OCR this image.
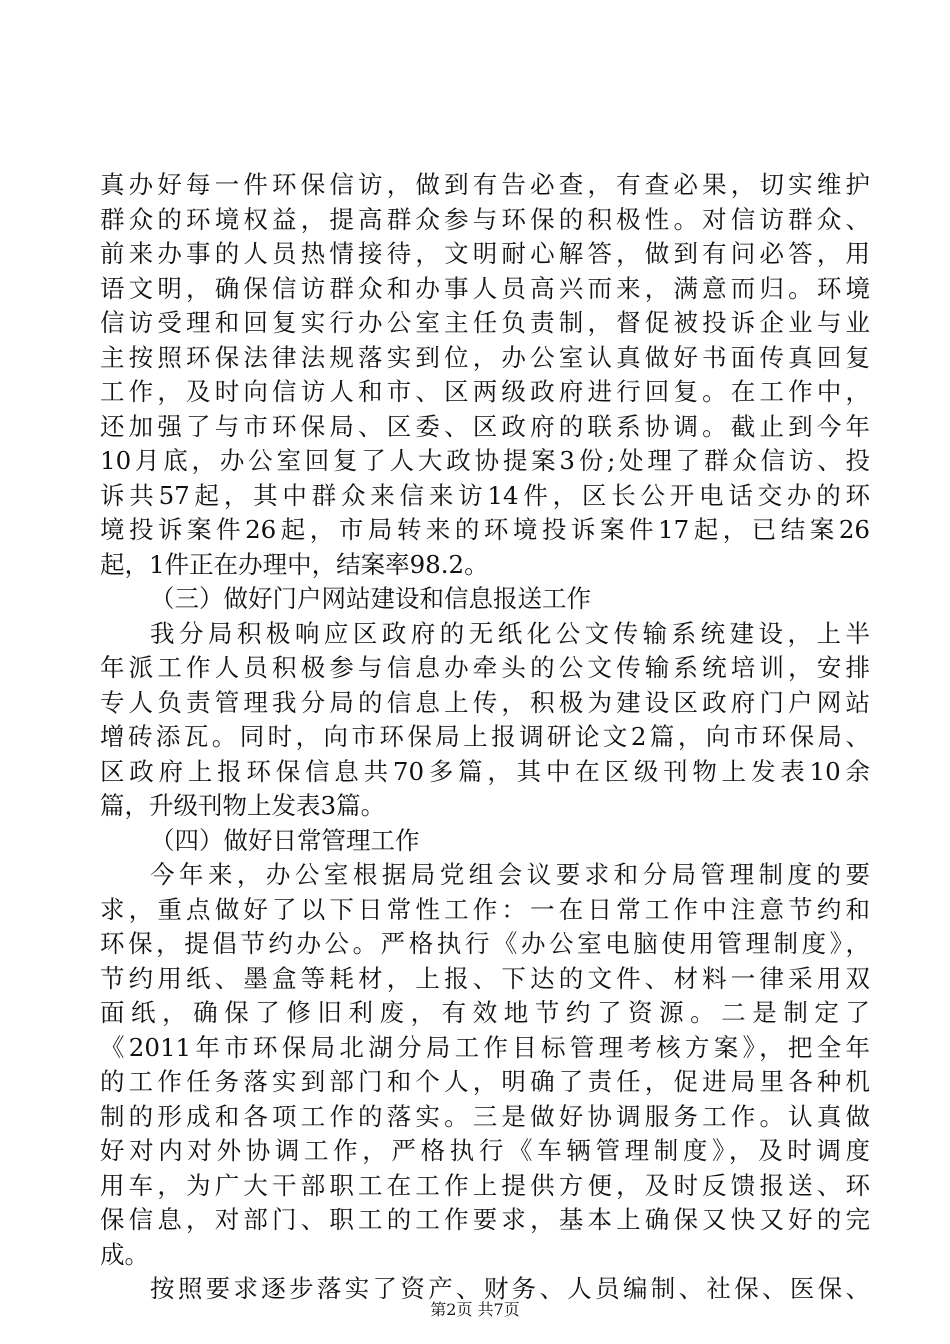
真办好每一件环保信访，做到有告必查，有查必果，切实维护
群众的环境权益，提高群众参与环保的积极性。对信访群众、
前来办事的人员热情接待，文明耐心解答，做到有问必答，用
语文明，确保信访群众和办事人员高兴而来，满意而归。环境
信访受理和回复实行办公室主任负责制，督促被投诉企业与业
主按照环保法律法规落实到位，办公室认真做好书面传真回复
工作，及时向信访人和市、区两级政府进行回复。在工作中，
还加强了与市环保局、区委、区政府的联系协调。截止到今年
10月底，办公室回复了人大政协提案3份;处理了群众信访、投
诉共57起，其中群众来信来访14件，区长公开电话交办的环
境投诉案件26起，市局转来的环境投诉案件17起，已结案26
起，1件正在办理中，结案率98.2。
（三）做好门户网站建设和信息报送工作
我分局积极响应区政府的无纸化公文传输系统建设，上半
年派工作人员积极参与信息办牵头的公文传输系统培训，安排
专人负责管理我分局的信息上传，积极为建设区政府门户网站
增砖添瓦。同时，向市环保局上报调研论文2篇，向市环保局、
区政府上报环保信息共70多篇，其中在区级刊物上发表10余
篇，升级刊物上发表3篇。
（四）做好日常管理工作
今年来，办公室根据局党组会议要求和分局管理制度的要
求，重点做好了以下日常性工作：一在日常工作中注意节约和
环保，提倡节约办公。严格执行《办公室电脑使用管理制度》，
节约用纸、墨盒等耗材，上报、下达的文件、材料一律采用双
面纸，确保了修旧利废，有效地节约了资源。二是制定了
《2011年市环保局北湖分局工作目标管理考核方案》，把全年
的工作任务落实到部门和个人，明确了责任，促进局里各种机
制的形成和各项工作的落实。三是做好协调服务工作。认真做
好对内对外协调工作，严格执行《车辆管理制度》，及时调度
用车，为广大干部职工在工作上提供方便，及时反馈报送、环
保信息，对部门、职工的工作要求，基本上确保又快又好的完
成。
按照要求逐步落实了资产、财务、人员编制、社保、医保、
第2页 共7页
